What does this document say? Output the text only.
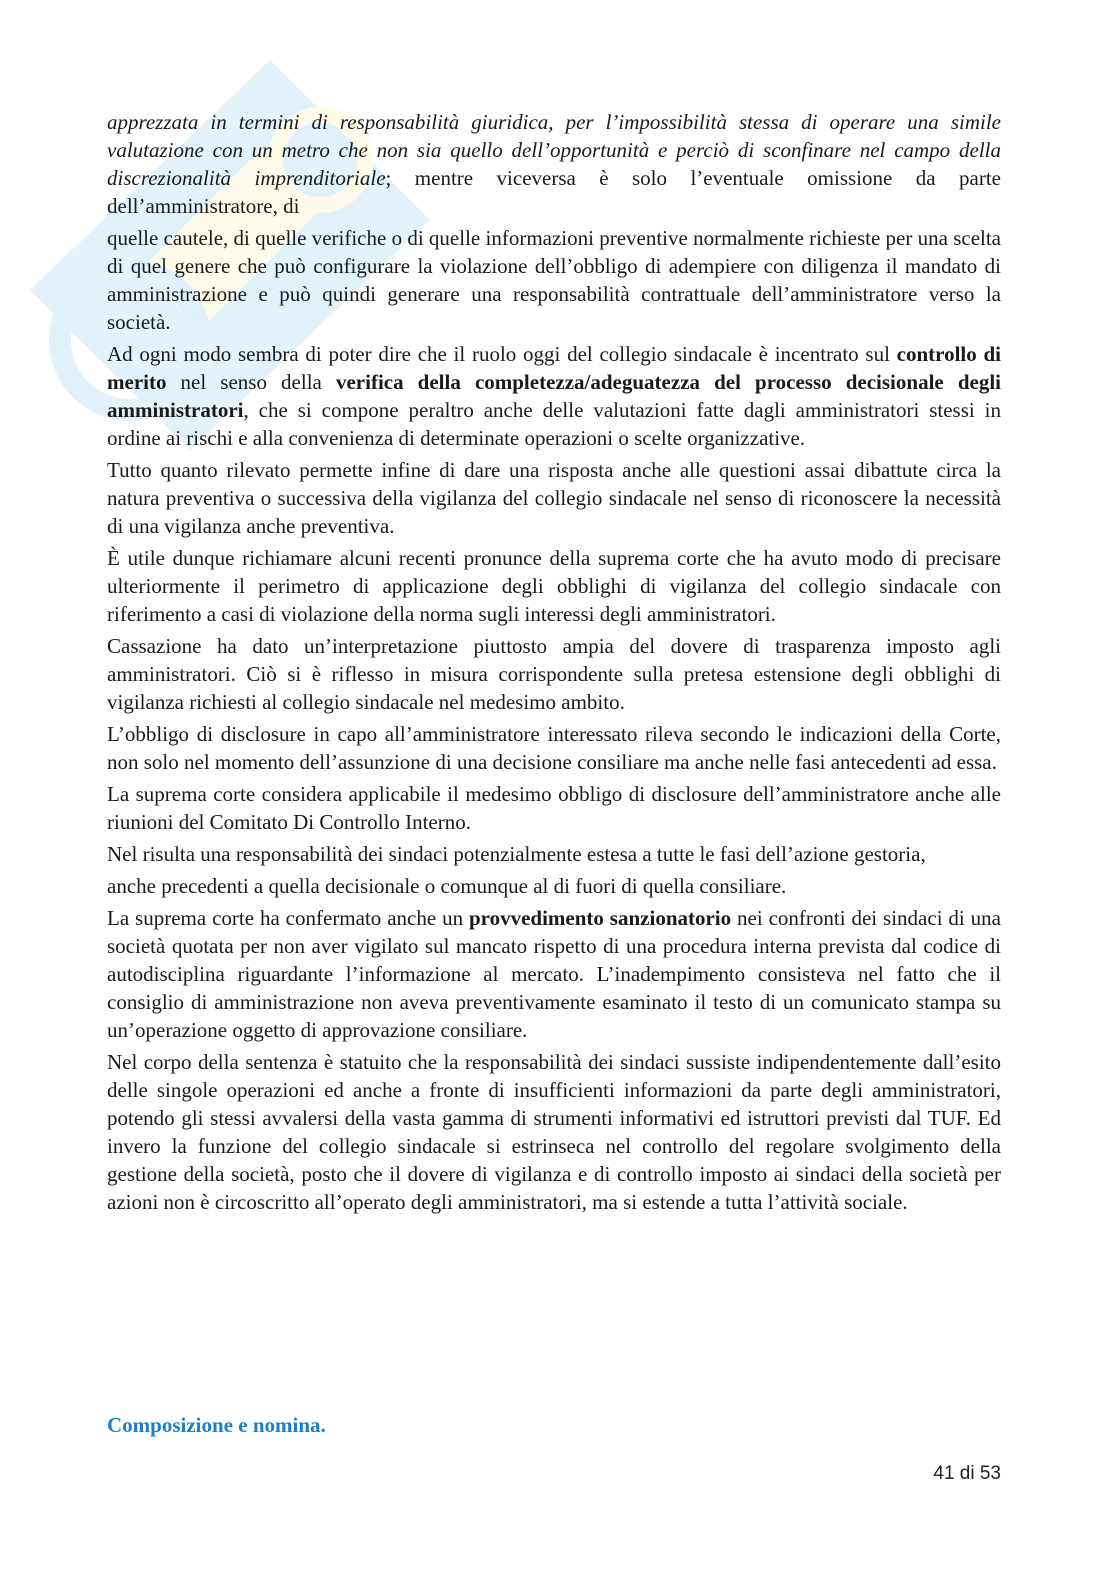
apprezzata in termini di responsabilità giuridica, per l’impossibilità stessa di operare una simile valutazione con un metro che non sia quello dell’opportunità e perciò di sconfinare nel campo della discrezionalità imprenditoriale; mentre viceversa è solo l’eventuale omissione da parte dell’amministratore, di

quelle cautele, di quelle verifiche o di quelle informazioni preventive normalmente richieste per una scelta di quel genere che può configurare la violazione dell’obbligo di adempiere con diligenza il mandato di amministrazione e può quindi generare una responsabilità contrattuale dell’amministratore verso la società.

Ad ogni modo sembra di poter dire che il ruolo oggi del collegio sindacale è incentrato sul controllo di merito nel senso della verifica della completezza/adeguatezza del processo decisionale degli amministratori, che si compone peraltro anche delle valutazioni fatte dagli amministratori stessi in ordine ai rischi e alla convenienza di determinate operazioni o scelte organizzative.

Tutto quanto rilevato permette infine di dare una risposta anche alle questioni assai dibattute circa la natura preventiva o successiva della vigilanza del collegio sindacale nel senso di riconoscere la necessità di una vigilanza anche preventiva.

È utile dunque richiamare alcuni recenti pronunce della suprema corte che ha avuto modo di precisare ulteriormente il perimetro di applicazione degli obblighi di vigilanza del collegio sindacale con riferimento a casi di violazione della norma sugli interessi degli amministratori.

Cassazione ha dato un’interpretazione piuttosto ampia del dovere di trasparenza imposto agli amministratori. Ciò si è riflesso in misura corrispondente sulla pretesa estensione degli obblighi di vigilanza richiesti al collegio sindacale nel medesimo ambito.

L’obbligo di disclosure in capo all’amministratore interessato rileva secondo le indicazioni della Corte, non solo nel momento dell’assunzione di una decisione consiliare ma anche nelle fasi antecedenti ad essa.

La suprema corte considera applicabile il medesimo obbligo di disclosure dell’amministratore anche alle riunioni del Comitato Di Controllo Interno.

Nel risulta una responsabilità dei sindaci potenzialmente estesa a tutte le fasi dell’azione gestoria,

anche precedenti a quella decisionale o comunque al di fuori di quella consiliare.

La suprema corte ha confermato anche un provvedimento sanzionatorio nei confronti dei sindaci di una società quotata per non aver vigilato sul mancato rispetto di una procedura interna prevista dal codice di autodisciplina riguardante l’informazione al mercato. L’inadempimento consisteva nel fatto che il consiglio di amministrazione non aveva preventivamente esaminato il testo di un comunicato stampa su un’operazione oggetto di approvazione consiliare.

Nel corpo della sentenza è statuito che la responsabilità dei sindaci sussiste indipendentemente dall’esito delle singole operazioni ed anche a fronte di insufficienti informazioni da parte degli amministratori, potendo gli stessi avvalersi della vasta gamma di strumenti informativi ed istruttori previsti dal TUF. Ed invero la funzione del collegio sindacale si estrinseca nel controllo del regolare svolgimento della gestione della società, posto che il dovere di vigilanza e di controllo imposto ai sindaci della società per azioni non è circoscritto all’operato degli amministratori, ma si estende a tutta l’attività sociale.

Composizione e nomina.
41 di 53
